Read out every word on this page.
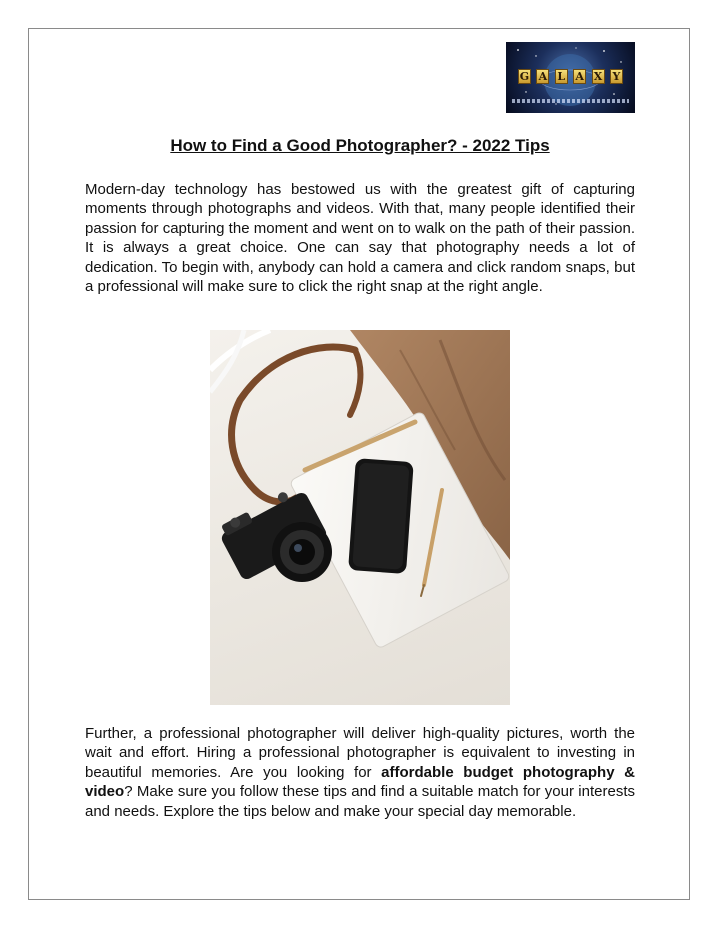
G A L A X Y
How to Find a Good Photographer? - 2022 Tips

Modern-day technology has bestowed us with the greatest gift of capturing moments through photographs and videos. With that, many people identified their passion for capturing the moment and went on to walk on the path of their passion. It is always a great choice. One can say that photography needs a lot of dedication. To begin with, anybody can hold a camera and click random snaps, but a professional will make sure to click the right snap at the right angle.

Further, a professional photographer will deliver high-quality pictures, worth the wait and effort. Hiring a professional photographer is equivalent to investing in beautiful memories. Are you looking for affordable budget photography & video? Make sure you follow these tips and find a suitable match for your interests and needs. Explore the tips below and make your special day memorable.
